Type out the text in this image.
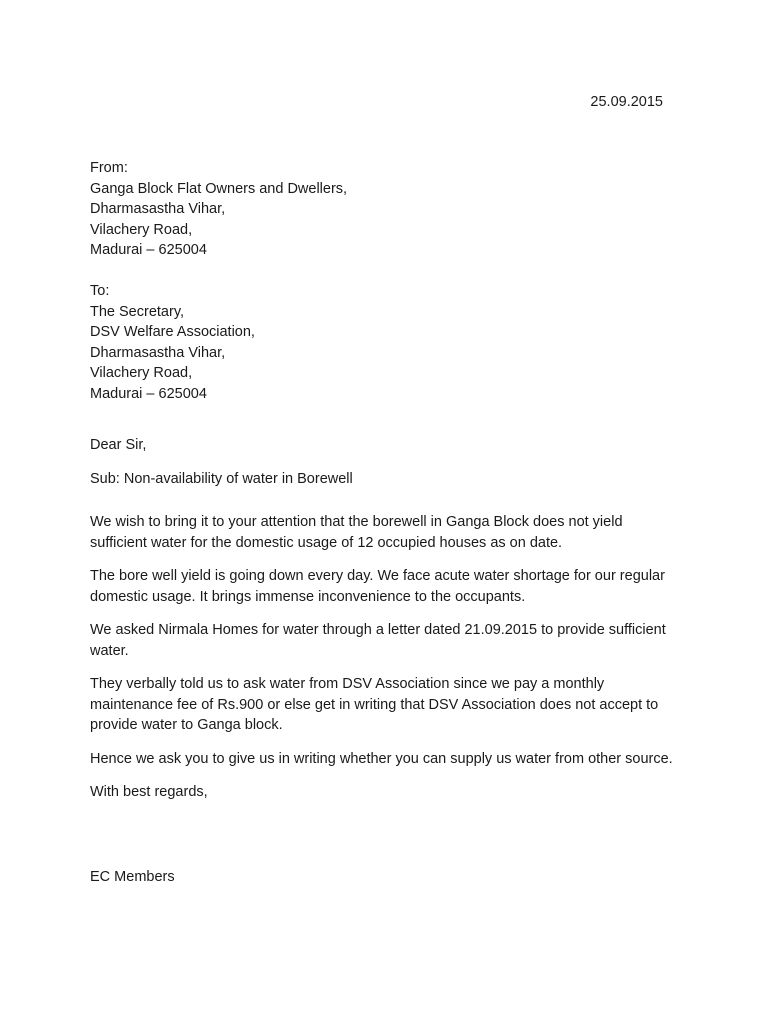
25.09.2015
From:
Ganga Block Flat Owners and Dwellers,
Dharmasastha Vihar,
Vilachery Road,
Madurai – 625004
To:
The Secretary,
DSV Welfare Association,
Dharmasastha Vihar,
Vilachery Road,
Madurai – 625004
Dear Sir,
Sub: Non-availability of water in Borewell

We wish to bring it to your attention that the borewell in Ganga Block does not yield sufficient water for the domestic usage of 12 occupied houses as on date.

The bore well yield is going down every day. We face acute water shortage for our regular domestic usage. It brings immense inconvenience to the occupants.

We asked Nirmala Homes for water through a letter dated 21.09.2015 to provide sufficient water.

They verbally told us to ask water from DSV Association since we pay a monthly maintenance fee of Rs.900 or else get in writing that DSV Association does not accept to provide water to Ganga block.

Hence we ask you to give us in writing whether you can supply us water from other source.

With best regards,

EC Members
